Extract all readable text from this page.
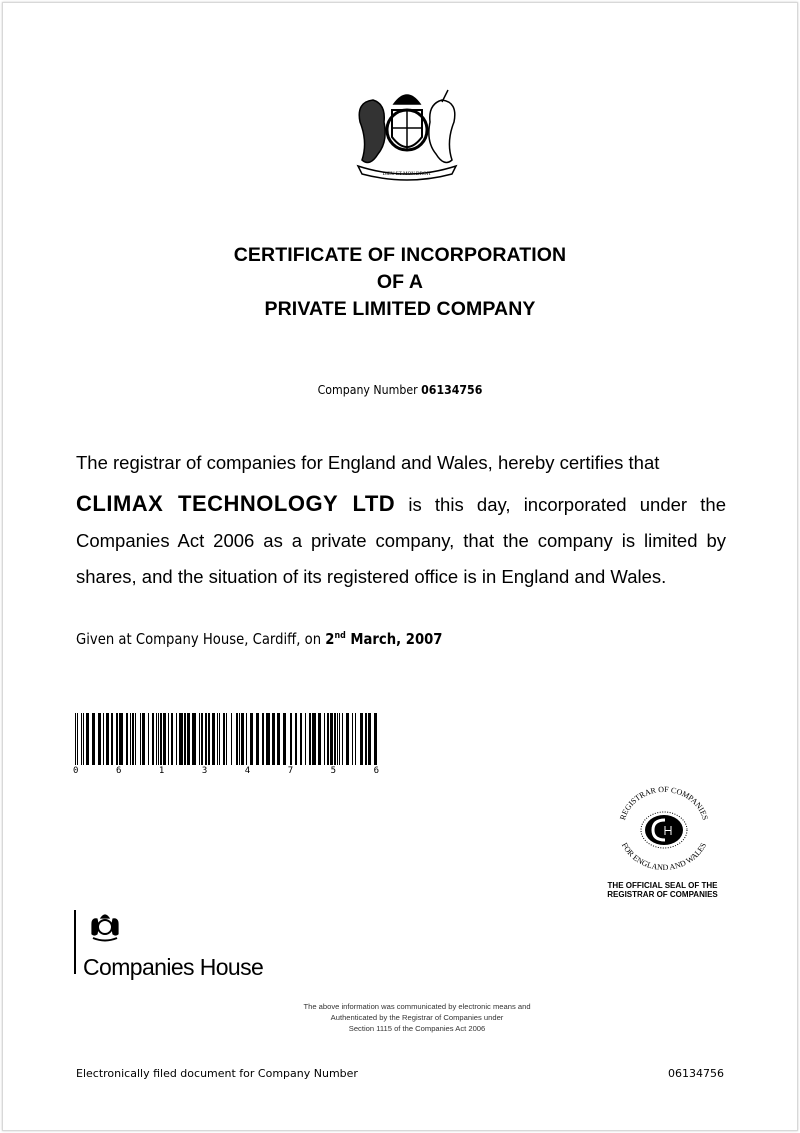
DIEU ET MON DROIT
CERTIFICATE OF INCORPORATION
OF A
PRIVATE LIMITED COMPANY
Company Number 06134756
The registrar of companies for England and Wales, hereby certifies that
CLIMAX TECHNOLOGY LTD is this day, incorporated under the Companies Act 2006 as a private company, that the company is limited by shares, and the situation of its registered office is in England and Wales.
Given at Company House, Cardiff, on 2nd March, 2007
0	6	1	3	4	7	5	6
REGISTRAR OF COMPANIES
FOR ENGLAND AND WALES
THE OFFICIAL SEAL OF THE
REGISTRAR OF COMPANIES
Companies House
The above information was communicated by electronic means and
Authenticated by the Registrar of Companies under
Section 1115 of the Companies Act 2006
Electronically filed document for Company Number	06134756
